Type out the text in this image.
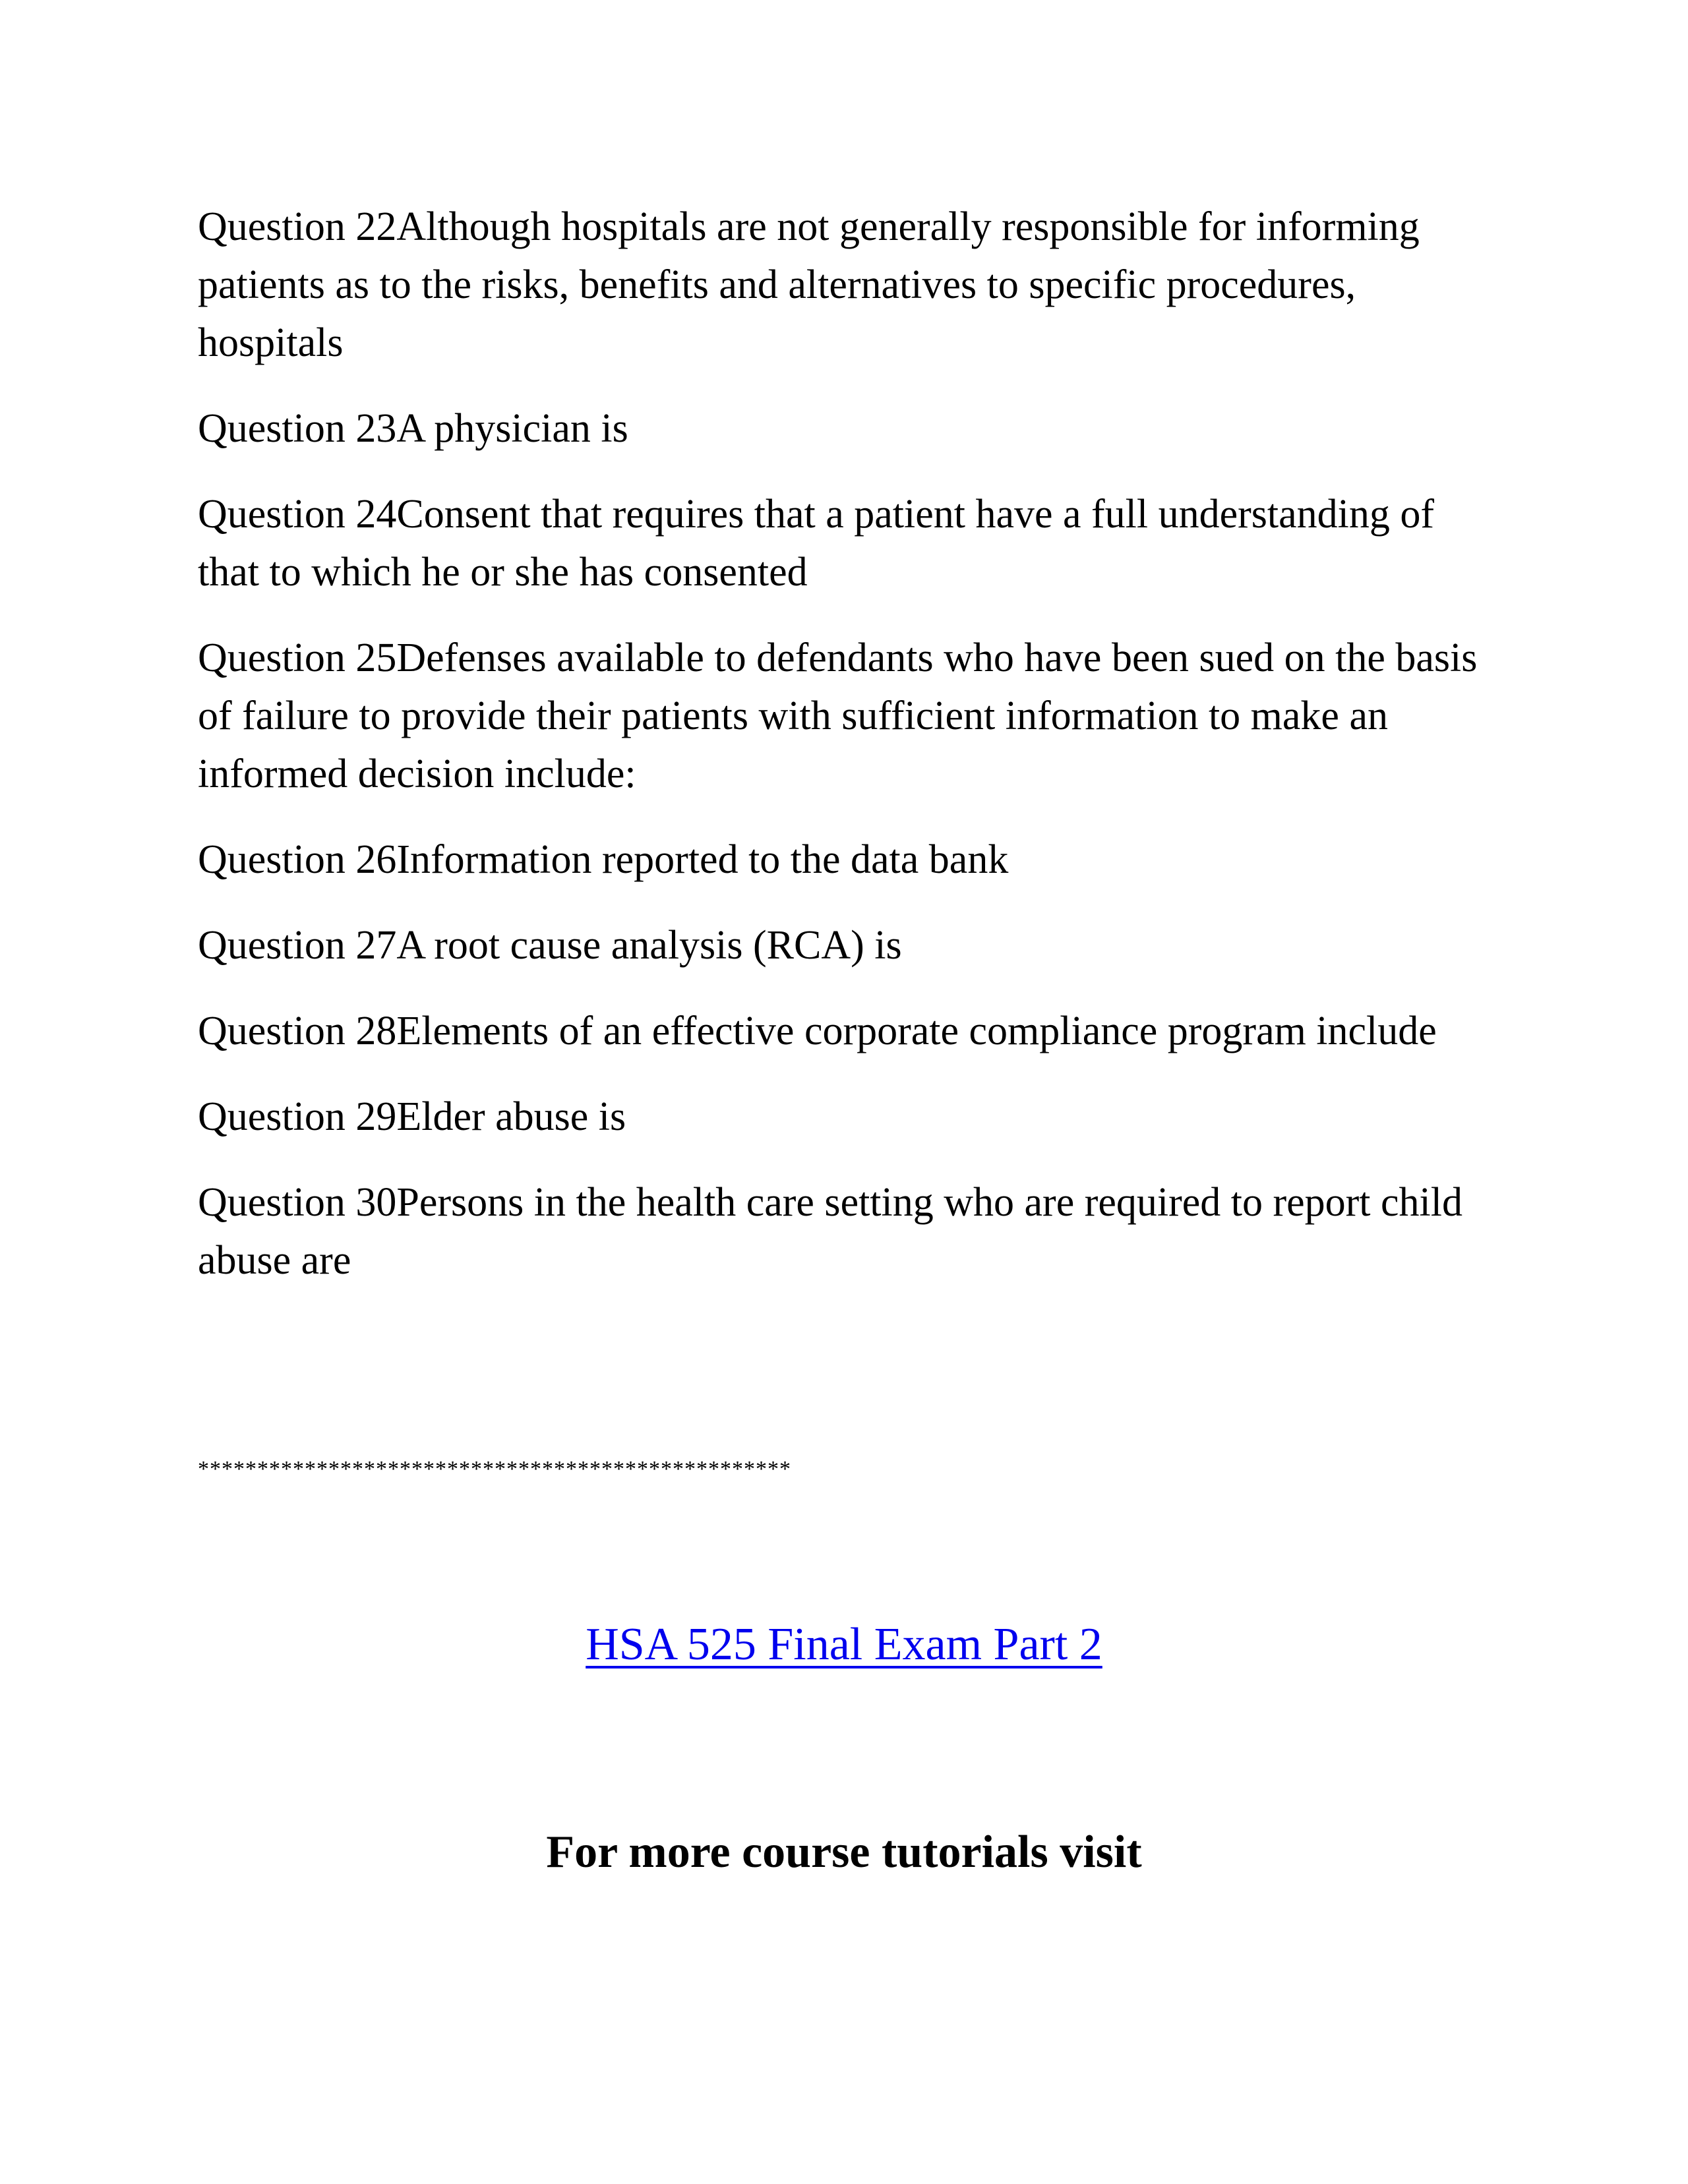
Question 22Although hospitals are not generally responsible for informing patients as to the risks, benefits and alternatives to specific procedures, hospitals

Question 23A physician is

Question 24Consent that requires that a patient have a full understanding of that to which he or she has consented

Question 25Defenses available to defendants who have been sued on the basis of failure to provide their patients with sufficient information to make an informed decision include:

Question 26Information reported to the data bank

Question 27A root cause analysis (RCA) is

Question 28Elements of an effective corporate compliance program include

Question 29Elder abuse is

Question 30Persons in the health care setting who are required to report child abuse are

**************************************************
HSA 525 Final Exam Part 2
For more course tutorials visit
